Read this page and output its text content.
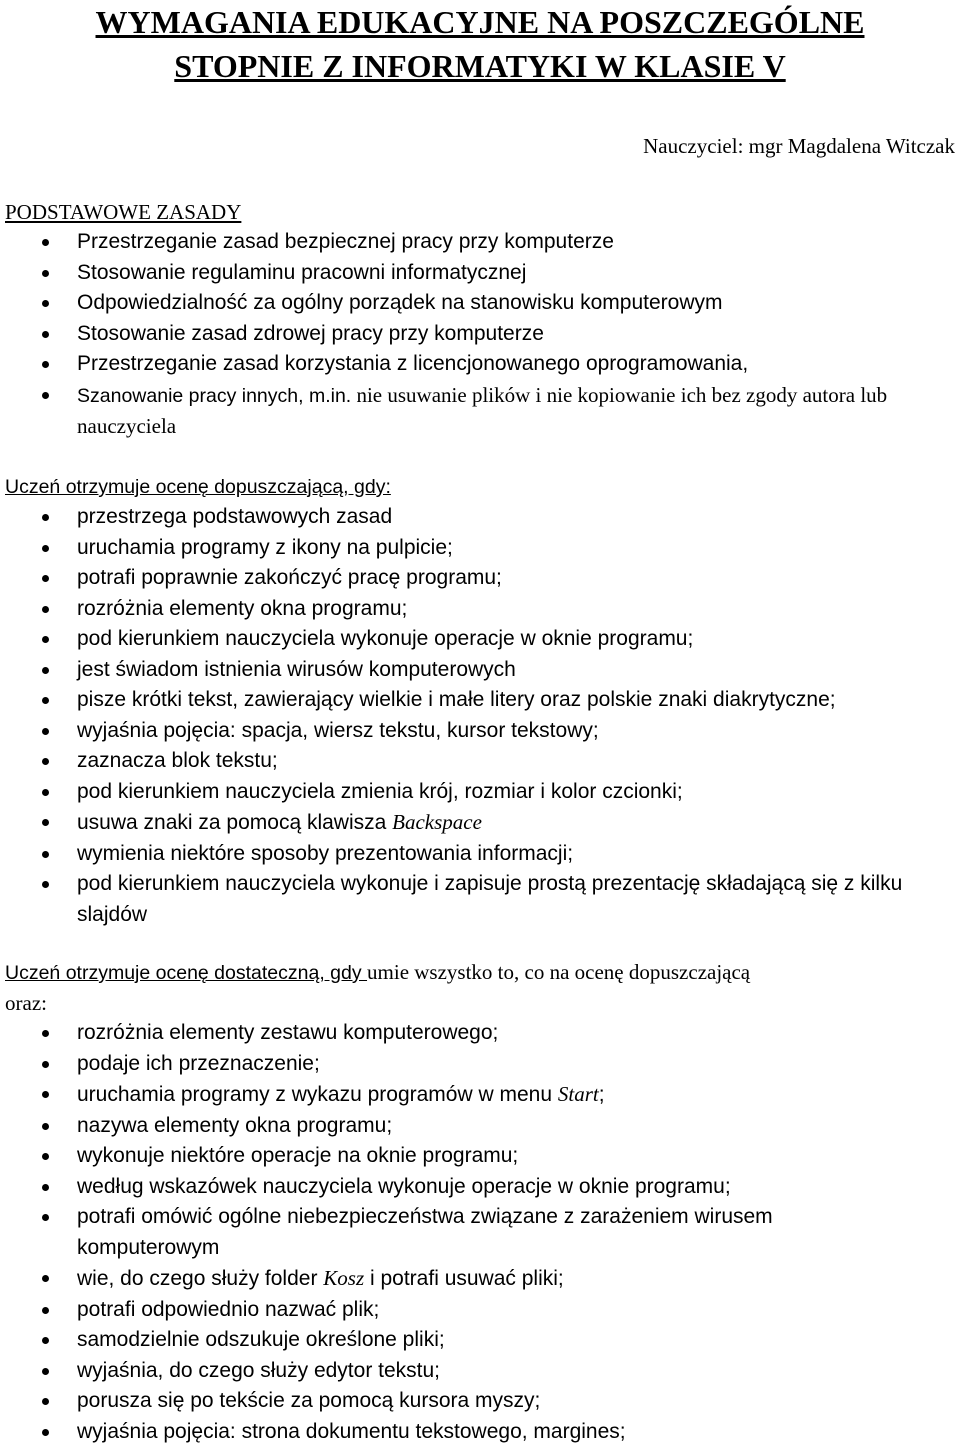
WYMAGANIA EDUKACYJNE NA POSZCZEGÓLNE
STOPNIE Z INFORMATYKI W KLASIE V
Nauczyciel: mgr Magdalena Witczak

PODSTAWOWE ZASADY

Przestrzeganie zasad bezpiecznej pracy przy komputerze
Stosowanie regulaminu pracowni informatycznej
Odpowiedzialność za ogólny porządek na stanowisku komputerowym
Stosowanie zasad zdrowej pracy przy komputerze
Przestrzeganie zasad korzystania z licencjonowanego oprogramowania,
Szanowanie pracy innych, m.in. nie usuwanie plików i nie kopiowanie ich bez zgody autora lub nauczyciela

Uczeń otrzymuje ocenę dopuszczającą, gdy:

przestrzega podstawowych zasad
uruchamia programy z ikony na pulpicie;
potrafi poprawnie zakończyć pracę programu;
rozróżnia elementy okna programu;
pod kierunkiem nauczyciela wykonuje operacje w oknie programu;
jest świadom istnienia wirusów komputerowych
pisze krótki tekst, zawierający wielkie i małe litery oraz polskie znaki diakrytyczne;
wyjaśnia pojęcia: spacja, wiersz tekstu, kursor tekstowy;
zaznacza blok tekstu;
pod kierunkiem nauczyciela zmienia krój, rozmiar i kolor czcionki;
usuwa znaki za pomocą klawisza Backspace
wymienia niektóre sposoby prezentowania informacji;
pod kierunkiem nauczyciela wykonuje i zapisuje prostą prezentację składającą się z kilku slajdów

Uczeń otrzymuje ocenę dostateczną, gdy umie wszystko to, co na ocenę dopuszczającą

oraz:

rozróżnia elementy zestawu komputerowego;
podaje ich przeznaczenie;
uruchamia programy z wykazu programów w menu Start;
nazywa elementy okna programu;
wykonuje niektóre operacje na oknie programu;
według wskazówek nauczyciela wykonuje operacje w oknie programu;
potrafi omówić ogólne niebezpieczeństwa związane z zarażeniem wirusem komputerowym
wie, do czego służy folder Kosz i potrafi usuwać pliki;
potrafi odpowiednio nazwać plik;
samodzielnie odszukuje określone pliki;
wyjaśnia, do czego służy edytor tekstu;
porusza się po tekście za pomocą kursora myszy;
wyjaśnia pojęcia: strona dokumentu tekstowego, margines;
